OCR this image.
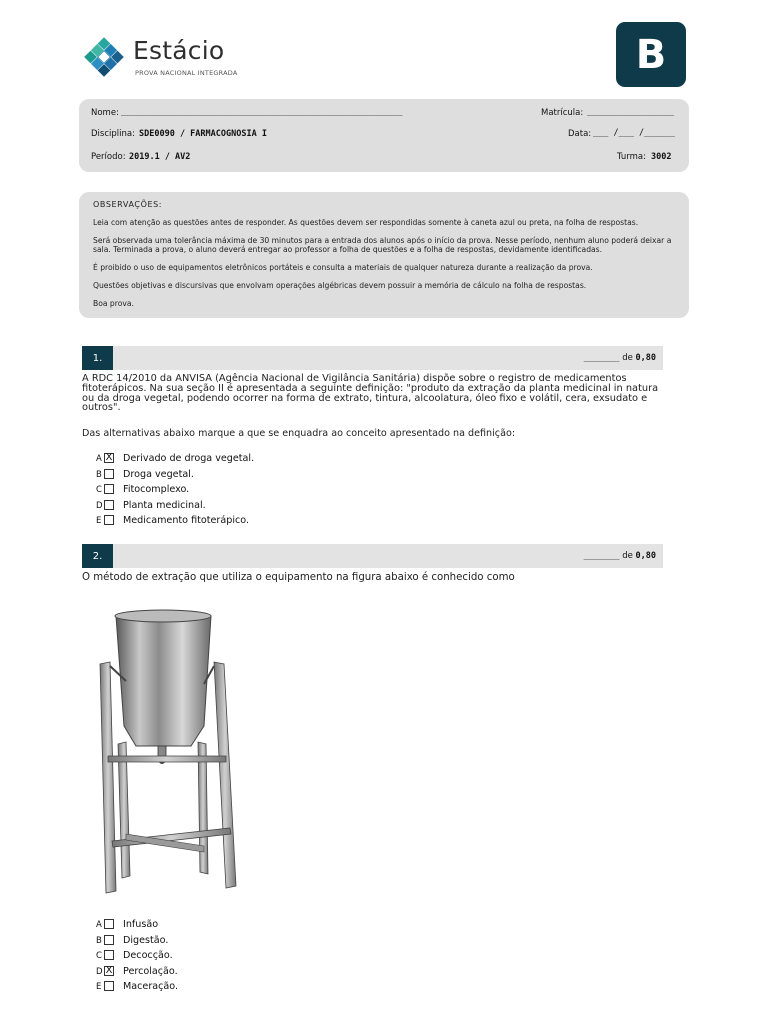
Estácio
PROVA NACIONAL INTEGRADA	B
Nome: _______________________________________________________	Matrícula: _________________
Disciplina: SDE0090 / FARMACOGNOSIA I	Data: ___ /___ /______
Período: 2019.1 / AV2	Turma: 3002
OBSERVAÇÕES:
Leia com atenção as questões antes de responder. As questões devem ser respondidas somente à caneta azul ou preta, na folha de respostas.
Será observada uma tolerância máxima de 30 minutos para a entrada dos alunos após o início da prova. Nesse período, nenhum aluno poderá deixar a sala. Terminada a prova, o aluno deverá entregar ao professor a folha de questões e a folha de respostas, devidamente identificadas.
É proibido o uso de equipamentos eletrônicos portáteis e consulta a materiais de qualquer natureza durante a realização da prova.
Questões objetivas e discursivas que envolvam operações algébricas devem possuir a memória de cálculo na folha de respostas.
Boa prova.
1.	_______ de 0,80
A RDC 14/2010 da ANVISA (Agência Nacional de Vigilância Sanitária) dispõe sobre o registro de medicamentos fitoterápicos. Na sua seção II é apresentada a seguinte definição: "produto da extração da planta medicinal in natura ou da droga vegetal, podendo ocorrer na forma de extrato, tintura, alcoolatura, óleo fixo e volátil, cera, exsudato e outros".
Das alternativas abaixo marque a que se enquadra ao conceito apresentado na definição:
A X Derivado de droga vegetal.
B Droga vegetal.
C Fitocomplexo.
D Planta medicinal.
E Medicamento fitoterápico.
2.	_______ de 0,80
O método de extração que utiliza o equipamento na figura abaixo é conhecido como
A Infusão
B Digestão.
C Decocção.
D X Percolação.
E Maceração.
